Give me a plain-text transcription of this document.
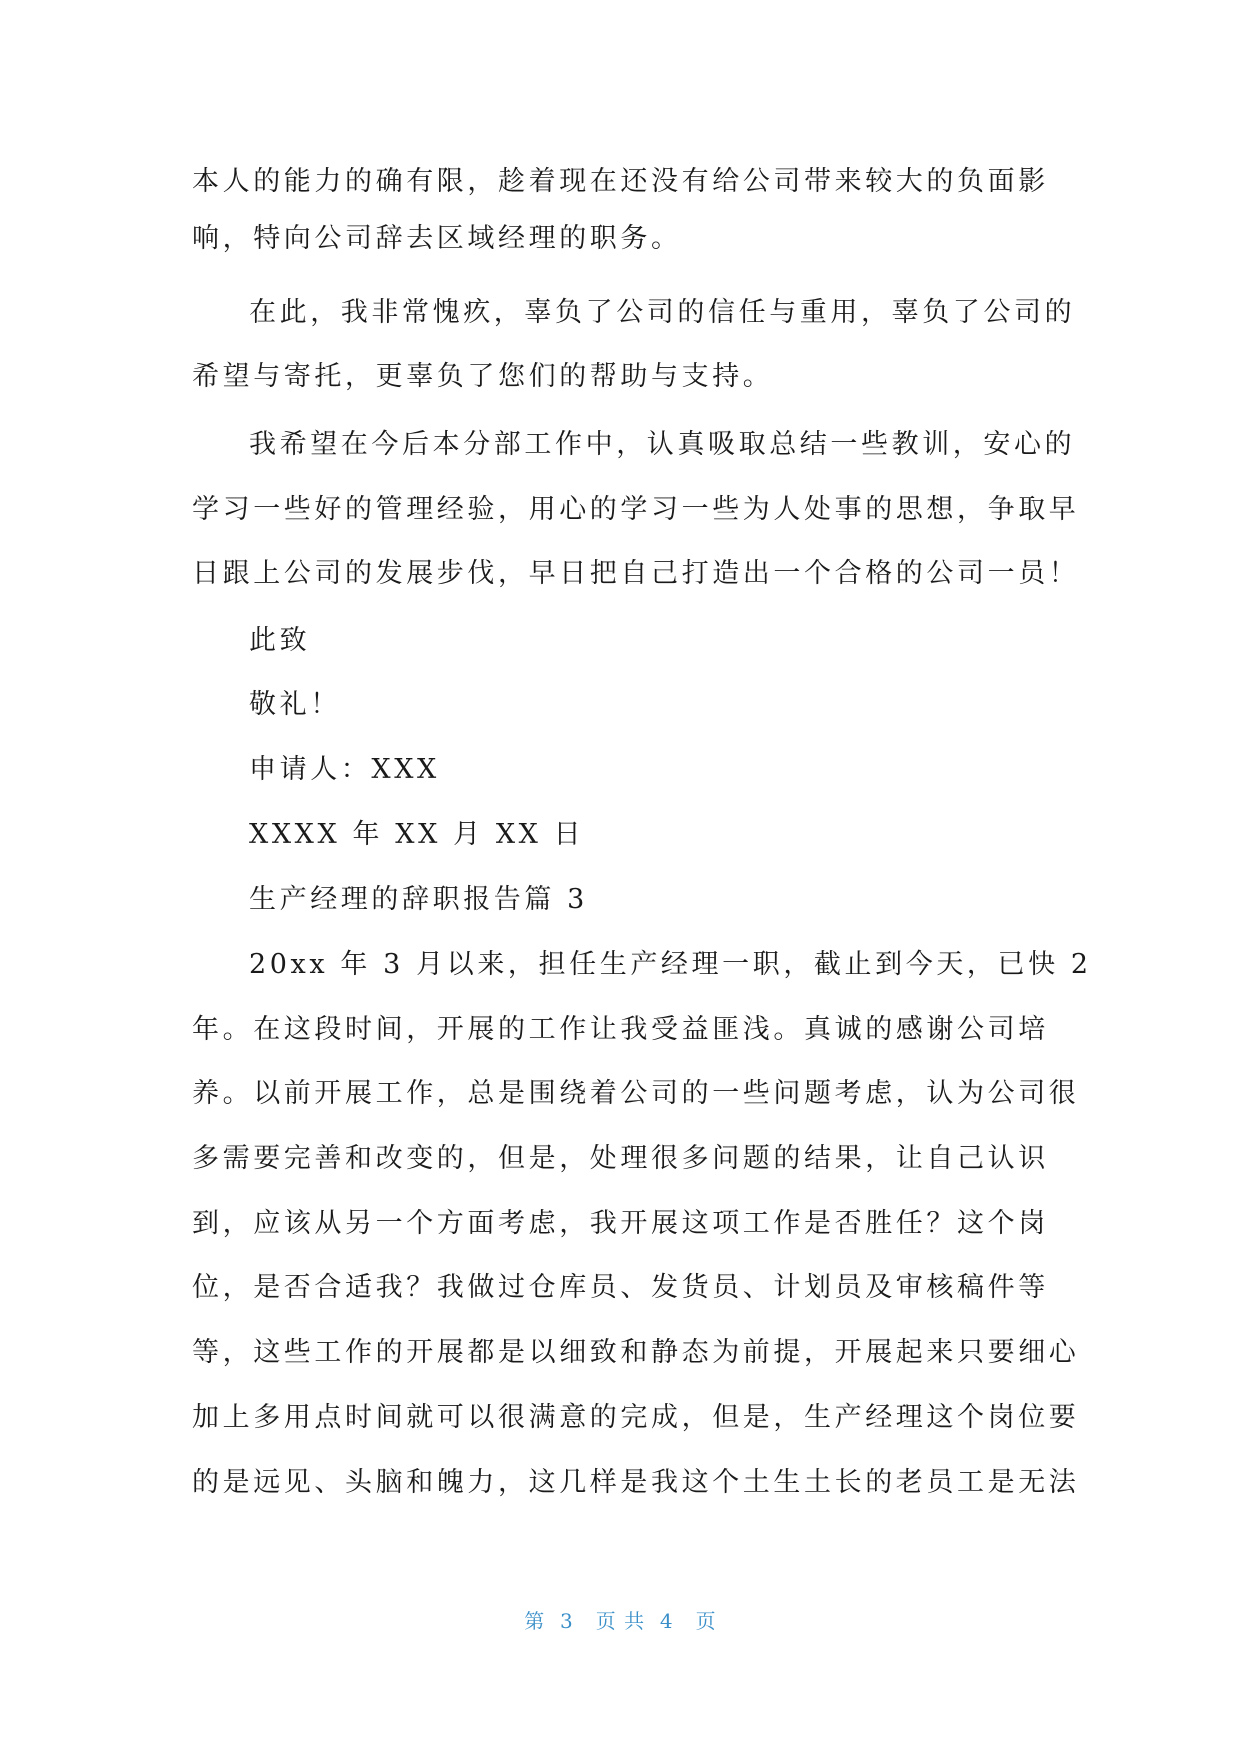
本人的能力的确有限，趁着现在还没有给公司带来较大的负面影
响，特向公司辞去区域经理的职务。
在此，我非常愧疚，辜负了公司的信任与重用，辜负了公司的
希望与寄托，更辜负了您们的帮助与支持。
我希望在今后本分部工作中，认真吸取总结一些教训，安心的
学习一些好的管理经验，用心的学习一些为人处事的思想，争取早
日跟上公司的发展步伐，早日把自己打造出一个合格的公司一员！
此致
敬礼！
申请人：XXX
XXXX 年 XX 月 XX 日
生产经理的辞职报告篇 3
20xx 年 3 月以来，担任生产经理一职，截止到今天，已快 2
年。在这段时间，开展的工作让我受益匪浅。真诚的感谢公司培
养。以前开展工作，总是围绕着公司的一些问题考虑，认为公司很
多需要完善和改变的，但是，处理很多问题的结果，让自己认识
到，应该从另一个方面考虑，我开展这项工作是否胜任？这个岗
位，是否合适我？我做过仓库员、发货员、计划员及审核稿件等
等，这些工作的开展都是以细致和静态为前提，开展起来只要细心
加上多用点时间就可以很满意的完成，但是，生产经理这个岗位要
的是远见、头脑和魄力，这几样是我这个土生土长的老员工是无法
第  3   页 共  4   页
